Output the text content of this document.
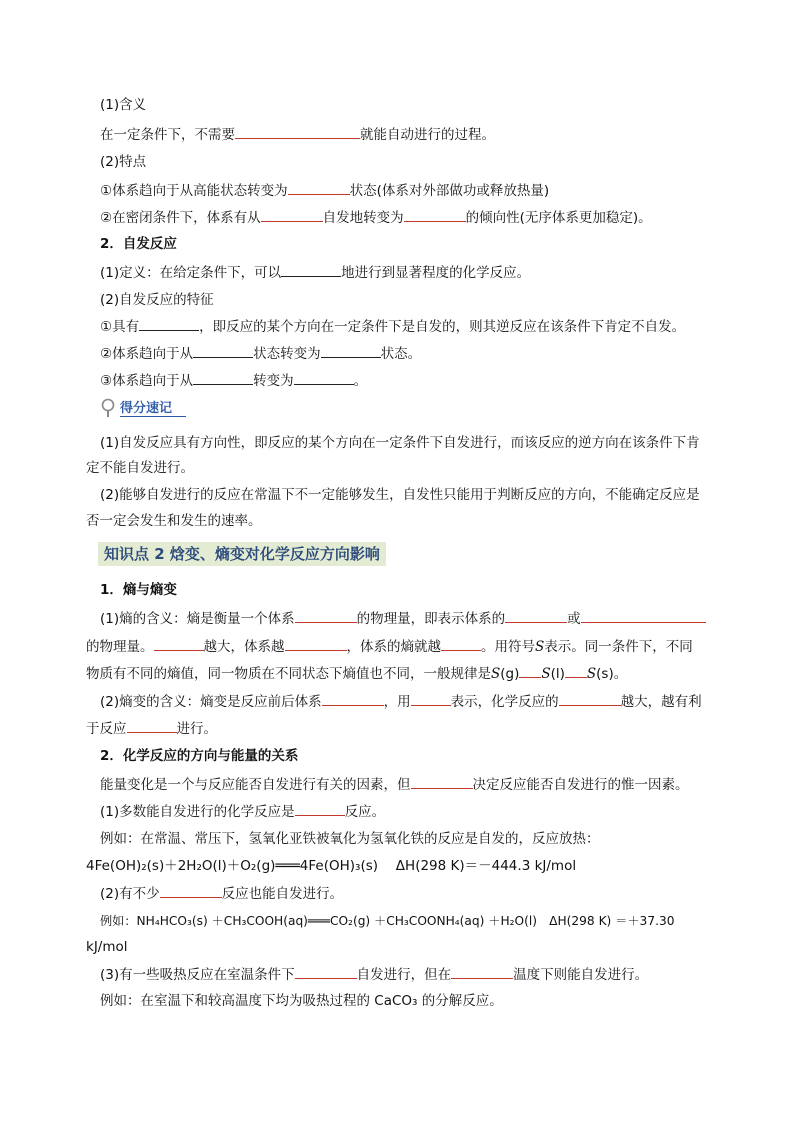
(1)含义
在一定条件下，不需要	就能自动进行的过程。
(2)特点
①体系趋向于从高能状态转变为	状态(体系对外部做功或释放热量)
②在密闭条件下，体系有从	自发地转变为	的倾向性(无序体系更加稳定)。
2．自发反应
(1)定义：在给定条件下，可以	地进行到显著程度的化学反应。
(2)自发反应的特征
①具有	，即反应的某个方向在一定条件下是自发的，则其逆反应在该条件下肯定不自发。
②体系趋向于从	状态转变为	状态。
③体系趋向于从	转变为	。
得分速记
(1)自发反应具有方向性，即反应的某个方向在一定条件下自发进行，而该反应的逆方向在该条件下肯
定不能自发进行。
(2)能够自发进行的反应在常温下不一定能够发生，自发性只能用于判断反应的方向，不能确定反应是
否一定会发生和发生的速率。
知识点 2 焓变、熵变对化学反应方向影响
1．熵与熵变
(1)熵的含义：熵是衡量一个体系	的物理量，即表示体系的	或
的物理量。	越大，体系越	，体系的熵就越	。用符号S表示。同一条件下，不同
物质有不同的熵值，同一物质在不同状态下熵值也不同，一般规律是S(g) S(l) S(s)。
(2)熵变的含义：熵变是反应前后体系	，用	表示，化学反应的	越大，越有利
于反应	进行。
2．化学反应的方向与能量的关系
能量变化是一个与反应能否自发进行有关的因素，但	决定反应能否自发进行的惟一因素。
(1)多数能自发进行的化学反应是	反应。
例如：在常温、常压下，氢氧化亚铁被氧化为氢氧化铁的反应是自发的，反应放热：
4Fe(OH)₂(s)＋2H₂O(l)＋O₂(g)═══4Fe(OH)₃(s)　 ΔH(298 K)＝－444.3 kJ/mol
(2)有不少	反应也能自发进行。
例如：NH₄HCO₃(s) ＋CH₃COOH(aq)═══CO₂(g) ＋CH₃COONH₄(aq) ＋H₂O(l)　ΔH(298 K) ＝＋37.30
kJ/mol
(3)有一些吸热反应在室温条件下	自发进行，但在	温度下则能自发进行。
例如：在室温下和较高温度下均为吸热过程的 CaCO₃ 的分解反应。
